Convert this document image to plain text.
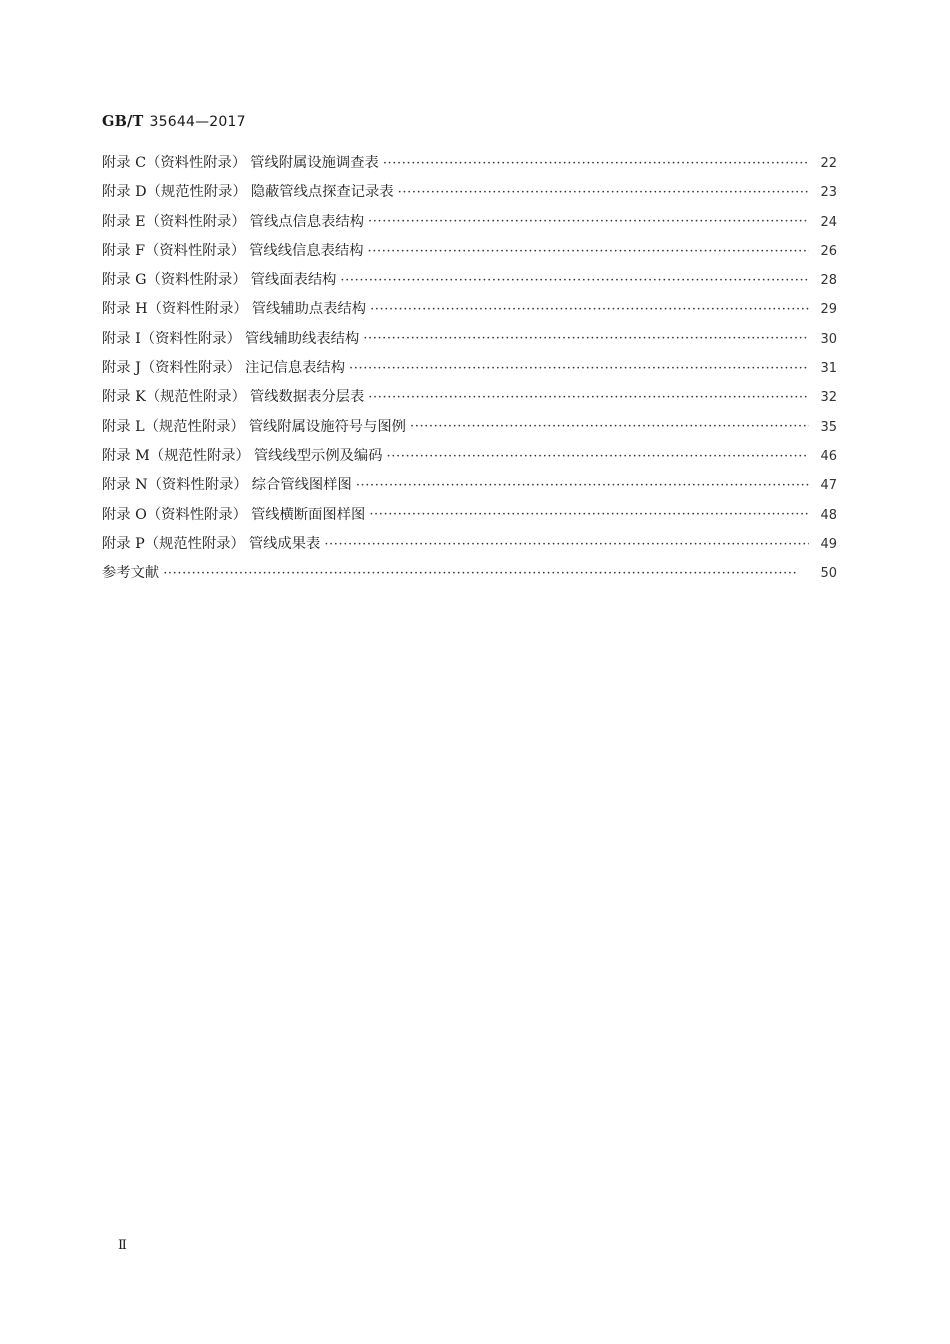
GB/T 35644—2017
附录 C（资料性附录） 管线附属设施调查表 ·····	22
附录 D（规范性附录） 隐蔽管线点探查记录表 ·····	23
附录 E（资料性附录） 管线点信息表结构 ·····	24
附录 F（资料性附录） 管线线信息表结构 ·····	26
附录 G（资料性附录） 管线面表结构 ·····	28
附录 H（资料性附录） 管线辅助点表结构 ·····	29
附录 I（资料性附录） 管线辅助线表结构 ·····	30
附录 J（资料性附录） 注记信息表结构 ·····	31
附录 K（规范性附录） 管线数据表分层表 ·····	32
附录 L（规范性附录） 管线附属设施符号与图例 ·····	35
附录 M（规范性附录） 管线线型示例及编码 ·····	46
附录 N（资料性附录） 综合管线图样图 ·····	47
附录 O（资料性附录） 管线横断面图样图 ·····	48
附录 P（规范性附录） 管线成果表 ·····	49
参考文献 ·····	50
Ⅱ
